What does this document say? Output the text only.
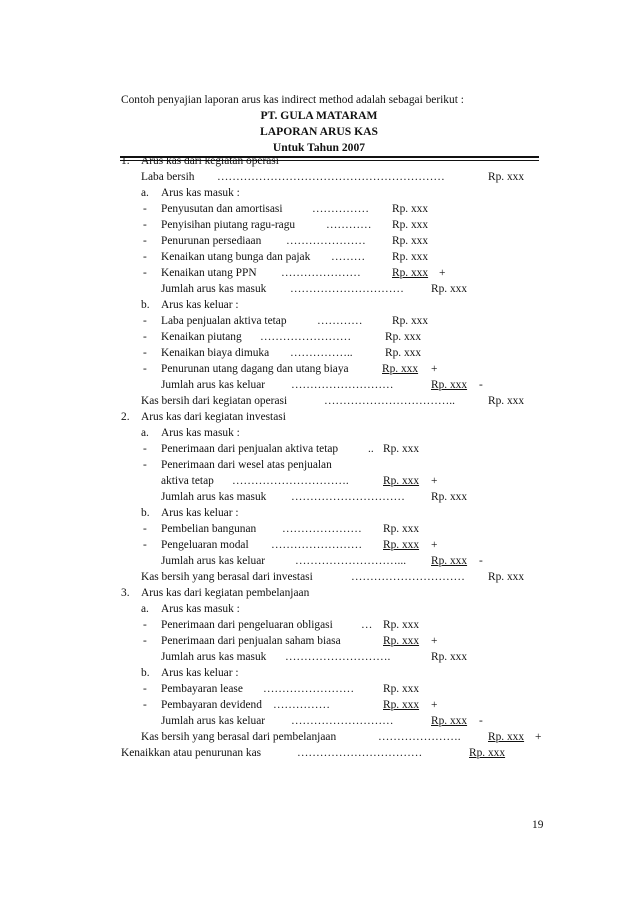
Contoh penyajian laporan arus kas indirect method adalah sebagai berikut :
PT. GULA MATARAM
LAPORAN ARUS KAS
Untuk Tahun 2007
1. Arus kas dari kegiatan operasi
Laba bersih ……………………………………………………	Rp. xxx
a. Arus kas masuk :
- Penyusutan dan amortisasi	…………… Rp. xxx
- Penyisihan piutang ragu-ragu	………… Rp. xxx
- Penurunan persediaan ………………… Rp. xxx
- Kenaikan utang bunga dan pajak ……… Rp. xxx
- Kenaikan utang PPN …………………	Rp. xxx +
Jumlah arus kas masuk ………………………… Rp. xxx
b. Arus kas keluar :
- Laba penjualan aktiva tetap	…………	Rp. xxx
- Kenaikan piutang ……………………	Rp. xxx
- Kenaikan biaya dimuka ……………..	Rp. xxx
- Penurunan utang dagang dan utang biaya	Rp. xxx +
Jumlah arus kas keluar ………………………	Rp. xxx -
Kas bersih dari kegiatan operasi	……………………………..	Rp. xxx
2. Arus kas dari kegiatan investasi
a. Arus kas masuk :
- Penerimaan dari penjualan aktiva tetap	.. Rp. xxx
- Penerimaan dari wesel atas penjualan
aktiva tetap ………………………….	Rp. xxx +
Jumlah arus kas masuk ………………………… Rp. xxx
b. Arus kas keluar :
- Pembelian bangunan ………………… Rp. xxx
- Pengeluaran modal …………………… Rp. xxx +
Jumlah arus kas keluar	………………………... Rp. xxx -
Kas bersih yang berasal dari investasi	………………………… Rp. xxx
3. Arus kas dari kegiatan pembelanjaan
a. Arus kas masuk :
- Penerimaan dari pengeluaran obligasi … Rp. xxx
- Penerimaan dari penjualan saham biasa	Rp. xxx +
Jumlah arus kas masuk ……………………….	Rp. xxx
b. Arus kas keluar :
- Pembayaran lease ……………………	Rp. xxx
- Pembayaran devidend ……………	Rp. xxx +
Jumlah arus kas keluar ………………………	Rp. xxx -
Kas bersih yang berasal dari pembelanjaan	…………………. Rp. xxx +
Kenaikkan atau penurunan kas	……………………………	Rp. xxx
19
